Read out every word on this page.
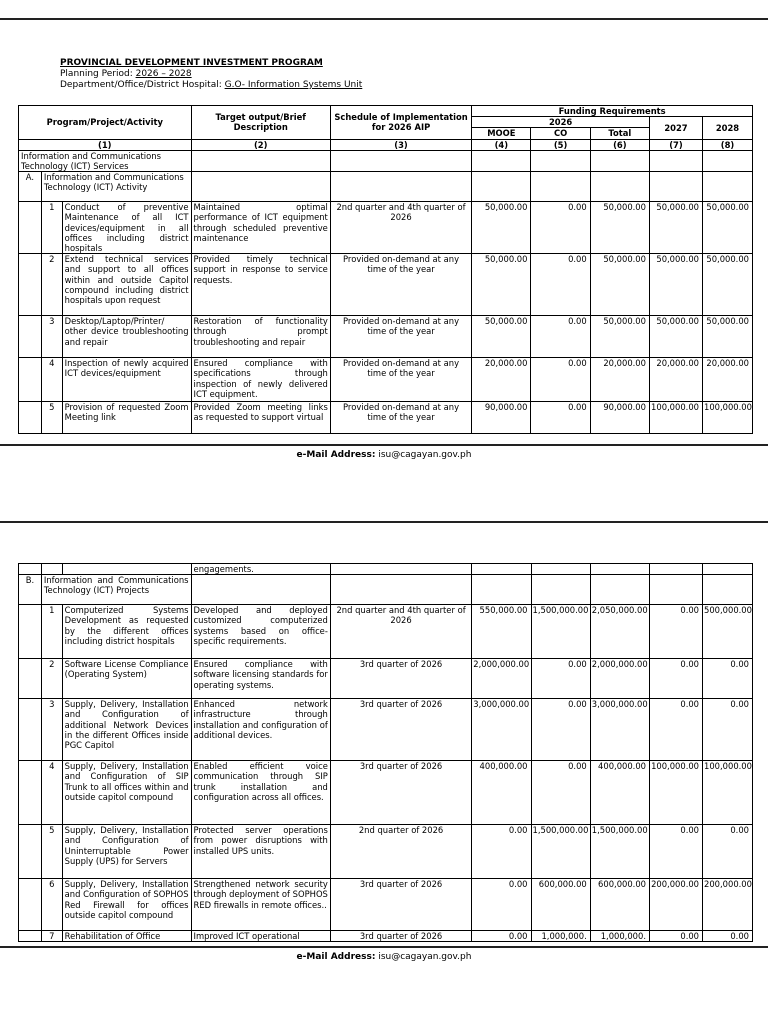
PROVINCIAL DEVELOPMENT INVESTMENT PROGRAM
Planning Period: 2026 – 2028
Department/Office/District Hospital: G.O- Information Systems Unit
Program/Project/Activity			Target output/Brief Description	Schedule of Implementation for 2026 AIP	Funding Requirements				
					2026			2027	2028
					MOOE	CO	Total		
(1)			(2)	(3)	(4)	(5)	(6)	(7)	(8)
Information and Communications Technology (ICT) Services									
A.	Information and Communications Technology (ICT) Activity								
	1	Conduct of preventive Maintenance of all ICT devices/equipment in all offices including district hospitals	Maintained optimal performance of ICT equipment through scheduled preventive maintenance	2nd quarter and 4th quarter of 2026	50,000.00	0.00	50,000.00	50,000.00	50,000.00
	2	Extend technical services and support to all offices within and outside Capitol compound including district hospitals upon request	Provided timely technical support in response to service requests.	Provided on-demand at any time of the year	50,000.00	0.00	50,000.00	50,000.00	50,000.00
	3	Desktop/Laptop/Printer/ other device troubleshooting and repair	Restoration of functionality through prompt troubleshooting and repair	Provided on-demand at any time of the year	50,000.00	0.00	50,000.00	50,000.00	50,000.00
	4	Inspection of newly acquired ICT devices/equipment	Ensured compliance with specifications through inspection of newly delivered ICT equipment.	Provided on-demand at any time of the year	20,000.00	0.00	20,000.00	20,000.00	20,000.00
	5	Provision of requested Zoom Meeting link	Provided Zoom meeting links as requested to support virtual	Provided on-demand at any time of the year	90,000.00	0.00	90,000.00	100,000.00	100,000.00
e-Mail Address: isu@cagayan.gov.ph
			engagements.						
B.	Information and Communications Technology (ICT) Projects								
	1	Computerized Systems Development as requested by the different offices including district hospitals	Developed and deployed customized computerized systems based on office-specific requirements.	2nd quarter and 4th quarter of 2026	550,000.00	1,500,000.00	2,050,000.00	0.00	500,000.00
	2	Software License Compliance (Operating System)	Ensured compliance with software licensing standards for operating systems.	3rd quarter of 2026	2,000,000.00	0.00	2,000,000.00	0.00	0.00
	3	Supply, Delivery, Installation and Configuration of additional Network Devices in the different Offices inside PGC Capitol	Enhanced network infrastructure through installation and configuration of additional devices.	3rd quarter of 2026	3,000,000.00	0.00	3,000,000.00	0.00	0.00
	4	Supply, Delivery, Installation and Configuration of SIP Trunk to all offices within and outside capitol compound	Enabled efficient voice communication through SIP trunk installation and configuration across all offices.	3rd quarter of 2026	400,000.00	0.00	400,000.00	100,000.00	100,000.00
	5	Supply, Delivery, Installation and Configuration of Uninterruptable Power Supply (UPS) for Servers	Protected server operations from power disruptions with installed UPS units.	2nd quarter of 2026	0.00	1,500,000.00	1,500,000.00	0.00	0.00
	6	Supply, Delivery, Installation and Configuration of SOPHOS Red Firewall for offices outside capitol compound	Strengthened network security through deployment of SOPHOS RED firewalls in remote offices..	3rd quarter of 2026	0.00	600,000.00	600,000.00	200,000.00	200,000.00
	7	Rehabilitation of Office	Improved ICT operational	3rd quarter of 2026	0.00	1,000,000.	1,000,000.	0.00	0.00
e-Mail Address: isu@cagayan.gov.ph
